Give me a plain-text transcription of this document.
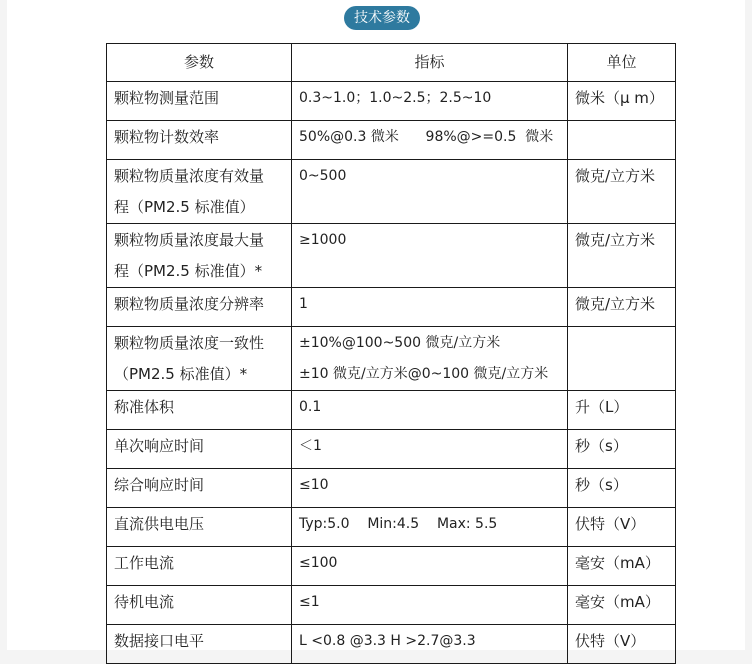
技术参数
参数	指标	单位

颗粒物测量范围	0.3~1.0；1.0~2.5；2.5~10	微米（μ m）

颗粒物计数效率	50%@0.3 微米      98%@>=0.5  微米	

颗粒物质量浓度有效量
程（PM2.5 标准值）	0~500	微克/立方米

颗粒物质量浓度最大量
程（PM2.5 标准值）*	≥1000	微克/立方米

颗粒物质量浓度分辨率	1	微克/立方米

颗粒物质量浓度一致性
（PM2.5 标准值）*	±10%@100~500 微克/立方米
±10 微克/立方米@0~100 微克/立方米	

称准体积	0.1	升（L）

单次响应时间	＜1	秒（s）

综合响应时间	≤10	秒（s）

直流供电电压	Typ:5.0    Min:4.5    Max: 5.5	伏特（V）

工作电流	≤100	毫安（mA）

待机电流	≤1	毫安（mA）

数据接口电平	L <0.8 @3.3 H >2.7@3.3	伏特（V）
